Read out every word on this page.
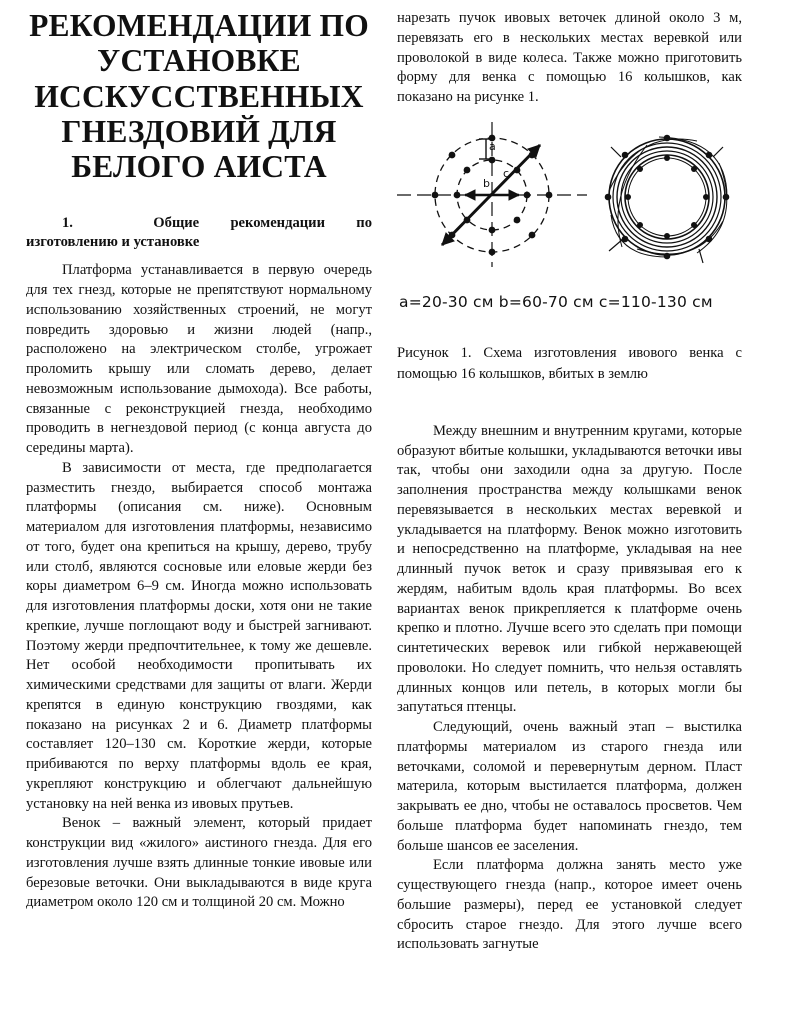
РЕКОМЕНДАЦИИ ПО УСТАНОВКЕ ИССКУССТВЕННЫХ ГНЕЗДОВИЙ ДЛЯ БЕЛОГО АИСТА
1.	Общие рекомендации по изготовлению и установке

Платформа устанавливается в первую очередь для тех гнезд, которые не препятствуют нормальному использованию хозяйственных строений, не могут повредить здоровью и жизни людей (напр., расположено на электрическом столбе, угрожает проломить крышу или сломать дерево, делает невозможным использование дымохода). Все работы, связанные с реконструкцией гнезда, необходимо проводить в негнездовой период (с конца августа до середины марта).

В зависимости от места, где предполагается разместить гнездо, выбирается способ монтажа платформы (описания см. ниже). Основным материалом для изготовления платформы, независимо от того, будет она крепиться на крышу, дерево, трубу или столб, являются сосновые или еловые жерди без коры диаметром 6–9 см. Иногда можно использовать для изготовления платформы доски, хотя они не такие крепкие, лучше поглощают воду и быстрей загнивают. Поэтому жерди предпочтительнее, к тому же дешевле. Нет особой необходимости пропитывать их химическими средствами для защиты от влаги. Жерди крепятся в единую конструкцию гвоздями, как показано на рисунках 2 и 6. Диаметр платформы составляет 120–130 см. Короткие жерди, которые прибиваются по верху платформы вдоль ее края, укрепляют конструкцию и облегчают дальнейшую установку на ней венка из ивовых прутьев.

Венок – важный элемент, который придает конструкции вид «жилого» аистиного гнезда. Для его изготовления лучше взять длинные тонкие ивовые или березовые веточки. Они выкладываются в виде круга диаметром около 120 см и толщиной 20 см. Можно

нарезать пучок ивовых веточек длиной около 3 м, перевязать его в нескольких местах веревкой или проволокой в виде колеса. Также можно приготовить форму для венка с помощью 16 колышков, как показано на рисунке 1.

a
b
c
a=20-30 см b=60-70 см c=110-130 см

Рисунок 1. Схема изготовления ивового венка с помощью 16 колышков, вбитых в землю

Между внешним и внутренним кругами, которые образуют вбитые колышки, укладываются веточки ивы так, чтобы они заходили одна за другую. После заполнения пространства между колышками венок перевязывается в нескольких местах веревкой и укладывается на платформу. Венок можно изготовить и непосредственно на платформе, укладывая на нее длинный пучок веток и сразу привязывая его к жердям, набитым вдоль края платформы. Во всех вариантах венок прикрепляется к платформе очень крепко и плотно. Лучше всего это сделать при помощи синтетических веревок или гибкой нержавеющей проволоки. Но следует помнить, что нельзя оставлять длинных концов или петель, в которых могли бы запутаться птенцы.

Следующий, очень важный этап – выстилка платформы материалом из старого гнезда или веточками, соломой и перевернутым дерном. Пласт материла, которым выстилается платформа, должен закрывать ее дно, чтобы не оставалось просветов. Чем больше платформа будет напоминать гнездо, тем больше шансов ее заселения.

Если платформа должна занять место уже существующего гнезда (напр., которое имеет очень большие размеры), перед ее установкой следует сбросить старое гнездо. Для этого лучше всего использовать загнутые
